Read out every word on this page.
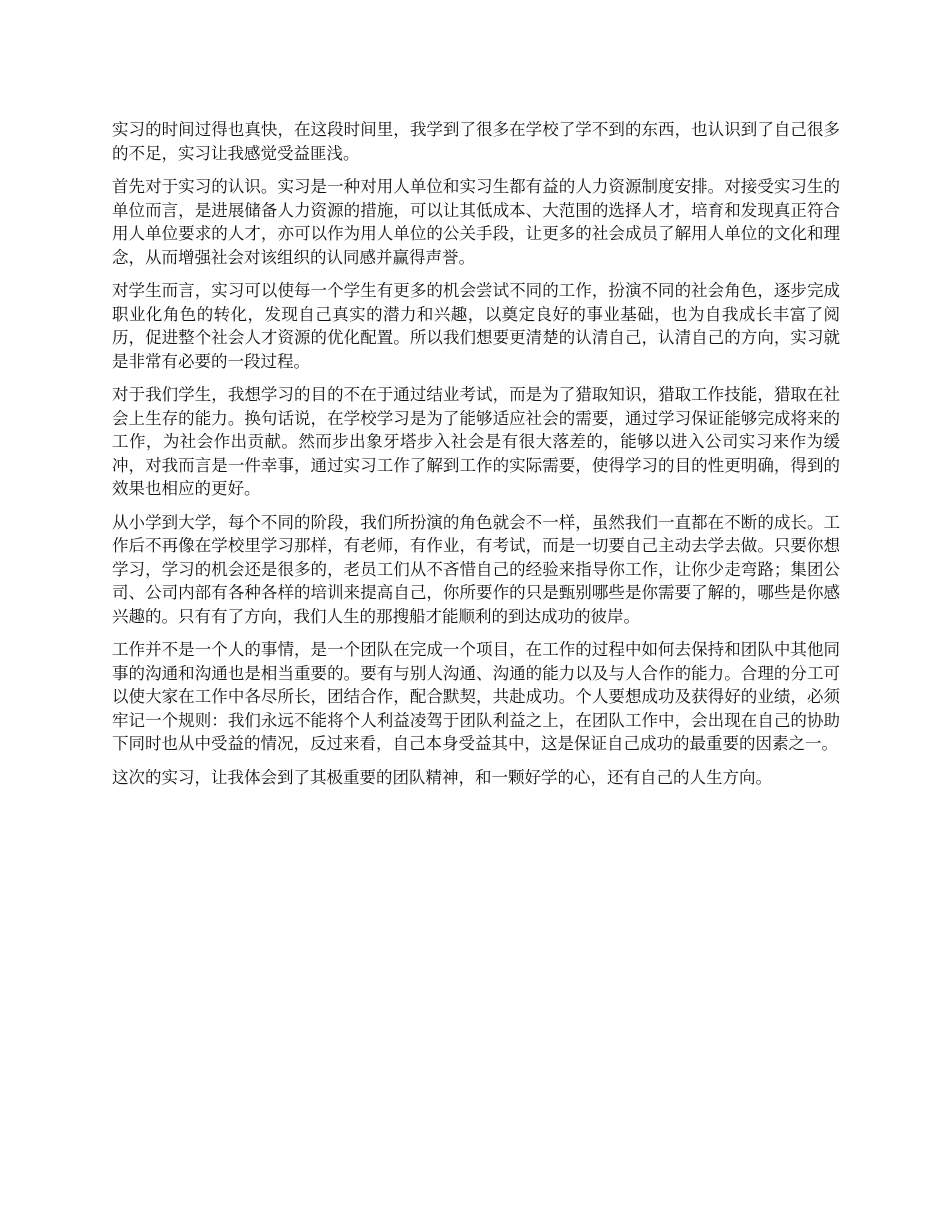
实习的时间过得也真快，在这段时间里，我学到了很多在学校了学不到的东西，也认识到了自己很多的不足，实习让我感觉受益匪浅。

首先对于实习的认识。实习是一种对用人单位和实习生都有益的人力资源制度安排。对接受实习生的单位而言，是进展储备人力资源的措施，可以让其低成本、大范围的选择人才，培育和发现真正符合用人单位要求的人才，亦可以作为用人单位的公关手段，让更多的社会成员了解用人单位的文化和理念，从而增强社会对该组织的认同感并赢得声誉。

对学生而言，实习可以使每一个学生有更多的机会尝试不同的工作，扮演不同的社会角色，逐步完成职业化角色的转化，发现自己真实的潜力和兴趣，以奠定良好的事业基础，也为自我成长丰富了阅历，促进整个社会人才资源的优化配置。所以我们想要更清楚的认清自己，认清自己的方向，实习就是非常有必要的一段过程。

对于我们学生，我想学习的目的不在于通过结业考试，而是为了猎取知识，猎取工作技能，猎取在社会上生存的能力。换句话说，在学校学习是为了能够适应社会的需要，通过学习保证能够完成将来的工作，为社会作出贡献。然而步出象牙塔步入社会是有很大落差的，能够以进入公司实习来作为缓冲，对我而言是一件幸事，通过实习工作了解到工作的实际需要，使得学习的目的性更明确，得到的效果也相应的更好。

从小学到大学，每个不同的阶段，我们所扮演的角色就会不一样，虽然我们一直都在不断的成长。工作后不再像在学校里学习那样，有老师，有作业，有考试，而是一切要自己主动去学去做。只要你想学习，学习的机会还是很多的，老员工们从不吝惜自己的经验来指导你工作，让你少走弯路；集团公司、公司内部有各种各样的培训来提高自己，你所要作的只是甄别哪些是你需要了解的，哪些是你感兴趣的。只有有了方向，我们人生的那搜船才能顺利的到达成功的彼岸。

工作并不是一个人的事情，是一个团队在完成一个项目，在工作的过程中如何去保持和团队中其他同事的沟通和沟通也是相当重要的。要有与别人沟通、沟通的能力以及与人合作的能力。合理的分工可以使大家在工作中各尽所长，团结合作，配合默契，共赴成功。个人要想成功及获得好的业绩，必须牢记一个规则：我们永远不能将个人利益凌驾于团队利益之上，在团队工作中，会出现在自己的协助下同时也从中受益的情况，反过来看，自己本身受益其中，这是保证自己成功的最重要的因素之一。

这次的实习，让我体会到了其极重要的团队精神，和一颗好学的心，还有自己的人生方向。
